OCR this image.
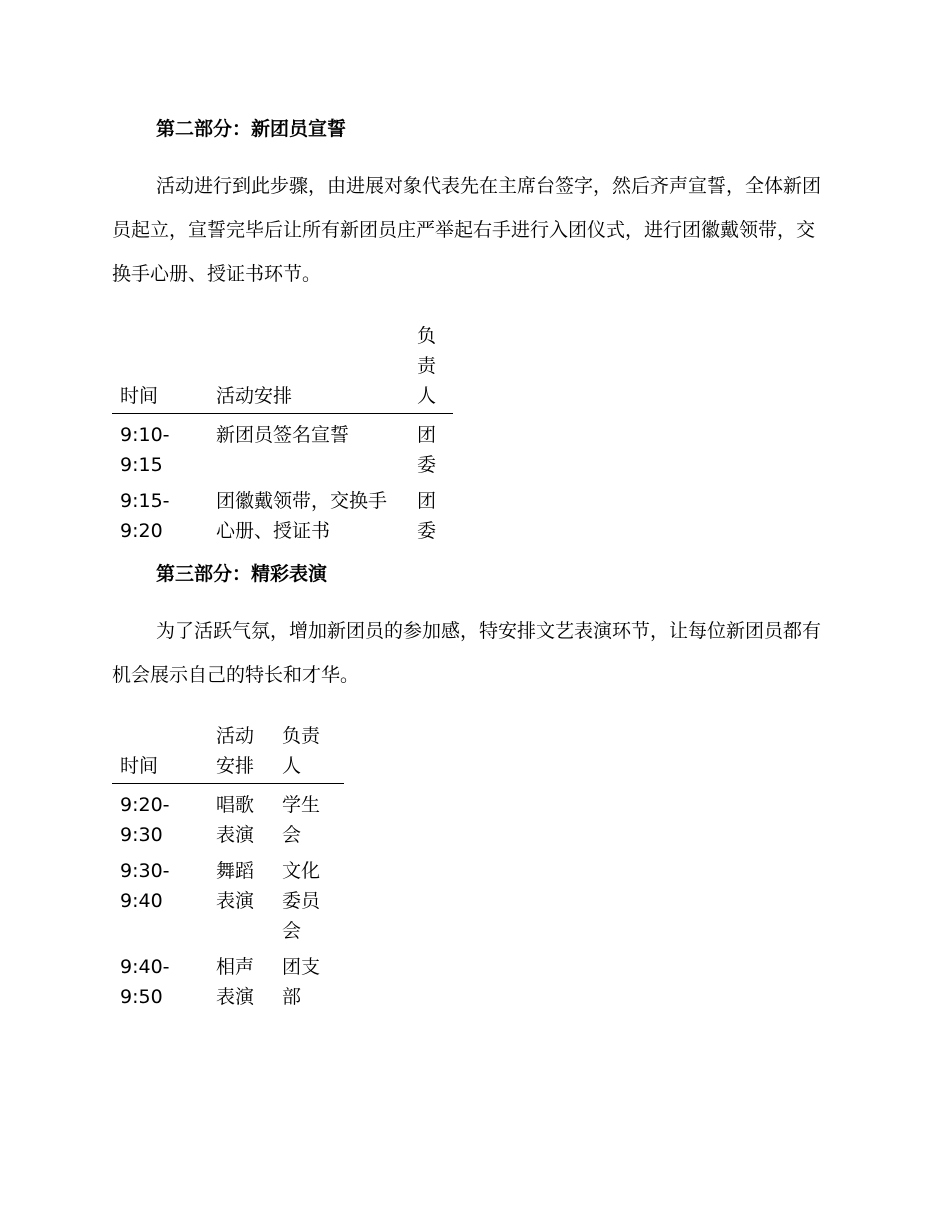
第二部分：新团员宣誓

活动进行到此步骤，由进展对象代表先在主席台签字，然后齐声宣誓，全体新团员起立，宣誓完毕后让所有新团员庄严举起右手进行入团仪式，进行团徽戴领带，交换手心册、授证书环节。

时间	活动安排	负责人
9:10-9:15	新团员签名宣誓	团委
9:15-9:20	团徽戴领带，交换手心册、授证书	团委
第三部分：精彩表演

为了活跃气氛，增加新团员的参加感，特安排文艺表演环节，让每位新团员都有机会展示自己的特长和才华。

时间	活动安排	负责人
9:20-9:30	唱歌表演	学生会
9:30-9:40	舞蹈表演	文化委员会
9:40-9:50	相声表演	团支部
